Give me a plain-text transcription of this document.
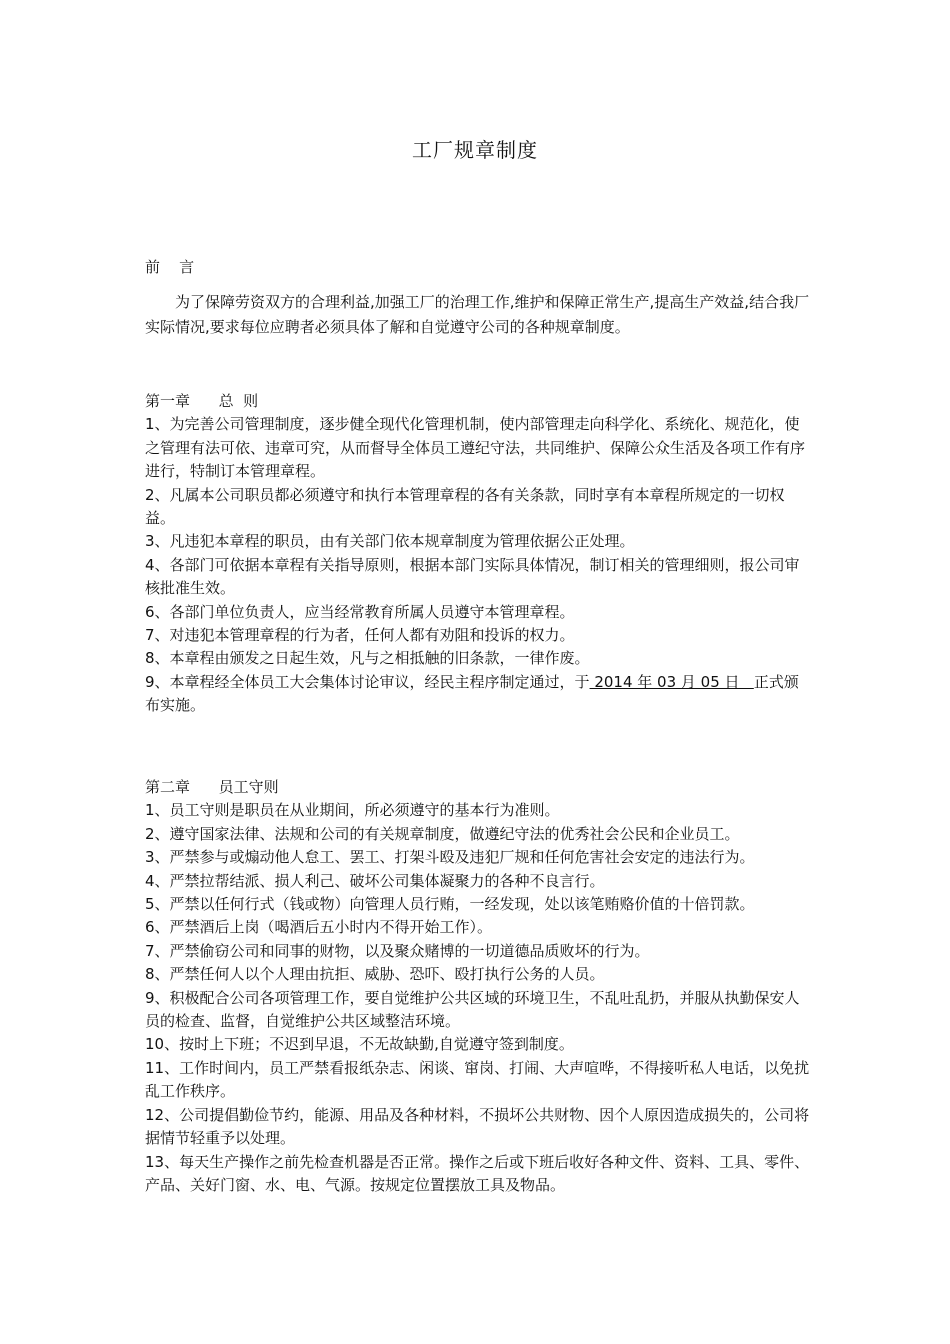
工厂规章制度
前    言
为了保障劳资双方的合理利益,加强工厂的治理工作,维护和保障正常生产,提高生产效益,结合我厂实际情况,要求每位应聘者必须具体了解和自觉遵守公司的各种规章制度。

第一章      总  则

1、为完善公司管理制度，逐步健全现代化管理机制，使内部管理走向科学化、系统化、规范化，使之管理有法可依、违章可究，从而督导全体员工遵纪守法，共同维护、保障公众生活及各项工作有序进行，特制订本管理章程。

2、凡属本公司职员都必须遵守和执行本管理章程的各有关条款，同时享有本章程所规定的一切权益。

3、凡违犯本章程的职员，由有关部门依本规章制度为管理依据公正处理。

4、各部门可依据本章程有关指导原则，根据本部门实际具体情况，制订相关的管理细则，报公司审核批准生效。

6、各部门单位负责人，应当经常教育所属人员遵守本管理章程。

7、对违犯本管理章程的行为者，任何人都有劝阻和投诉的权力。

8、本章程由颁发之日起生效，凡与之相抵触的旧条款，一律作废。

9、本章程经全体员工大会集体讨论审议，经民主程序制定通过，于 2014 年 03 月 05 日   正式颁布实施。

第二章      员工守则

1、员工守则是职员在从业期间，所必须遵守的基本行为准则。

2、遵守国家法律、法规和公司的有关规章制度，做遵纪守法的优秀社会公民和企业员工。

3、严禁参与或煽动他人怠工、罢工、打架斗殴及违犯厂规和任何危害社会安定的违法行为。

4、严禁拉帮结派、损人利己、破坏公司集体凝聚力的各种不良言行。

5、严禁以任何行式（钱或物）向管理人员行贿，一经发现，处以该笔贿赂价值的十倍罚款。

6、严禁酒后上岗（喝酒后五小时内不得开始工作）。

7、严禁偷窃公司和同事的财物，以及聚众赌博的一切道德品质败坏的行为。

8、严禁任何人以个人理由抗拒、威胁、恐吓、殴打执行公务的人员。

9、积极配合公司各项管理工作，要自觉维护公共区域的环境卫生，不乱吐乱扔，并服从执勤保安人员的检查、监督，自觉维护公共区域整洁环境。

10、按时上下班；不迟到早退，不无故缺勤,自觉遵守签到制度。

11、工作时间内，员工严禁看报纸杂志、闲谈、窜岗、打闹、大声喧哗，不得接听私人电话，以免扰乱工作秩序。

12、公司提倡勤俭节约，能源、用品及各种材料，不损坏公共财物、因个人原因造成损失的，公司将据情节轻重予以处理。

13、每天生产操作之前先检查机器是否正常。操作之后或下班后收好各种文件、资料、工具、零件、产品、关好门窗、水、电、气源。按规定位置摆放工具及物品。
